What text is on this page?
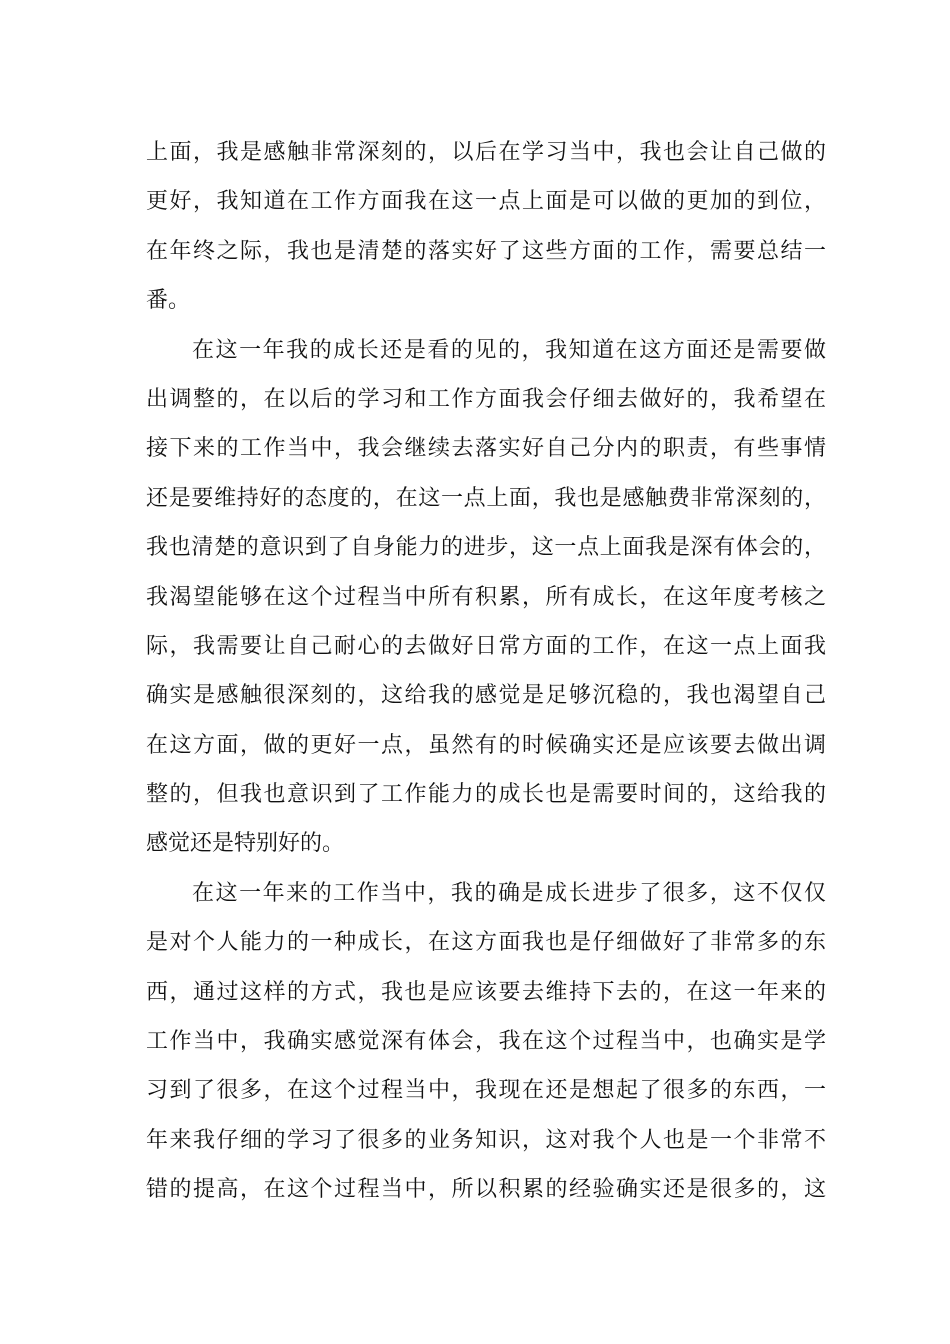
上面，我是感触非常深刻的，以后在学习当中，我也会让自己做的
更好，我知道在工作方面我在这一点上面是可以做的更加的到位，
在年终之际，我也是清楚的落实好了这些方面的工作，需要总结一
番。
在这一年我的成长还是看的见的，我知道在这方面还是需要做
出调整的，在以后的学习和工作方面我会仔细去做好的，我希望在
接下来的工作当中，我会继续去落实好自己分内的职责，有些事情
还是要维持好的态度的，在这一点上面，我也是感触费非常深刻的，
我也清楚的意识到了自身能力的进步，这一点上面我是深有体会的，
我渴望能够在这个过程当中所有积累，所有成长，在这年度考核之
际，我需要让自己耐心的去做好日常方面的工作，在这一点上面我
确实是感触很深刻的，这给我的感觉是足够沉稳的，我也渴望自己
在这方面，做的更好一点，虽然有的时候确实还是应该要去做出调
整的，但我也意识到了工作能力的成长也是需要时间的，这给我的
感觉还是特别好的。
在这一年来的工作当中，我的确是成长进步了很多，这不仅仅
是对个人能力的一种成长，在这方面我也是仔细做好了非常多的东
西，通过这样的方式，我也是应该要去维持下去的，在这一年来的
工作当中，我确实感觉深有体会，我在这个过程当中，也确实是学
习到了很多，在这个过程当中，我现在还是想起了很多的东西，一
年来我仔细的学习了很多的业务知识，这对我个人也是一个非常不
错的提高，在这个过程当中，所以积累的经验确实还是很多的，这
